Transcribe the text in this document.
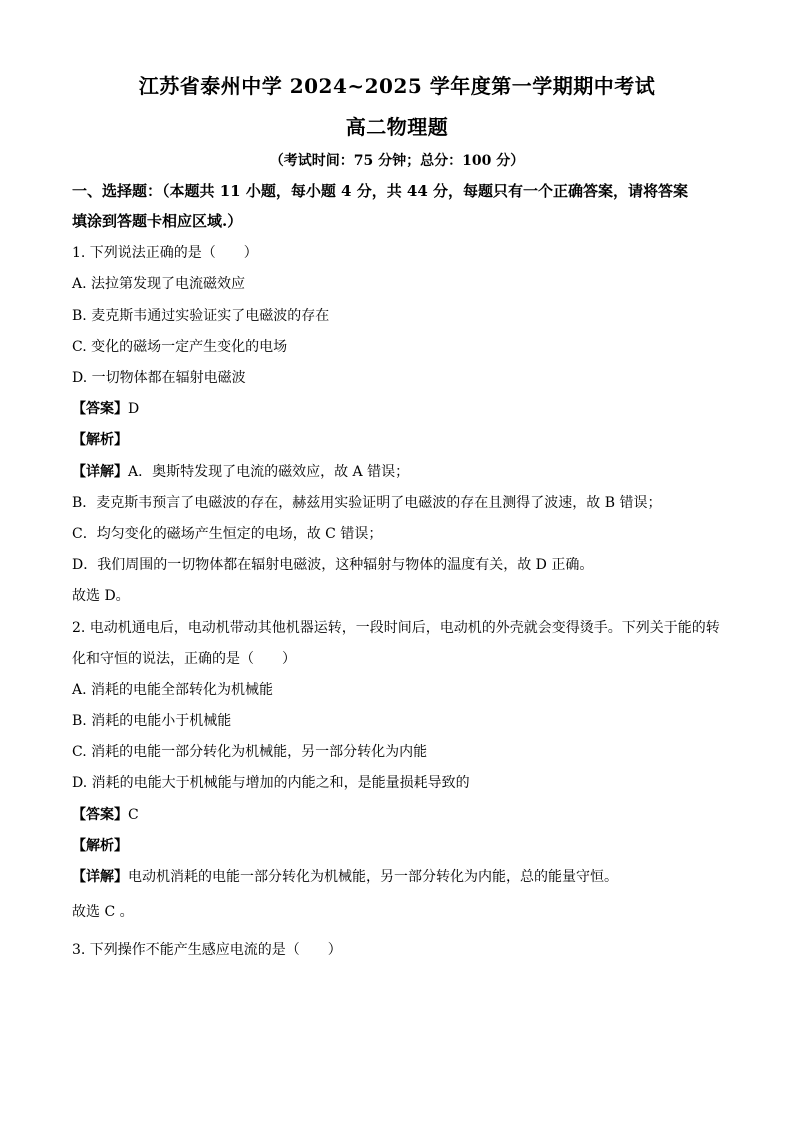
江苏省泰州中学 2024~2025 学年度第一学期期中考试
高二物理题
（考试时间：75 分钟；总分：100 分）
一、选择题：（本题共 11 小题，每小题 4 分，共 44 分，每题只有一个正确答案，请将答案
填涂到答题卡相应区域.）
1. 下列说法正确的是（　　）
A. 法拉第发现了电流磁效应
B. 麦克斯韦通过实验证实了电磁波的存在
C. 变化的磁场一定产生变化的电场
D. 一切物体都在辐射电磁波
【答案】D
【解析】
【详解】A．奥斯特发现了电流的磁效应，故 A 错误；
B．麦克斯韦预言了电磁波的存在，赫兹用实验证明了电磁波的存在且测得了波速，故 B 错误；
C．均匀变化的磁场产生恒定的电场，故 C 错误；
D．我们周围的一切物体都在辐射电磁波，这种辐射与物体的温度有关，故 D 正确。
故选 D。
2. 电动机通电后，电动机带动其他机器运转，一段时间后，电动机的外壳就会变得烫手。下列关于能的转
化和守恒的说法，正确的是（　　）
A. 消耗的电能全部转化为机械能
B. 消耗的电能小于机械能
C. 消耗的电能一部分转化为机械能，另一部分转化为内能
D. 消耗的电能大于机械能与增加的内能之和，是能量损耗导致的
【答案】C
【解析】
【详解】电动机消耗的电能一部分转化为机械能，另一部分转化为内能，总的能量守恒。
故选 C 。
3. 下列操作不能产生感应电流的是（　　）
